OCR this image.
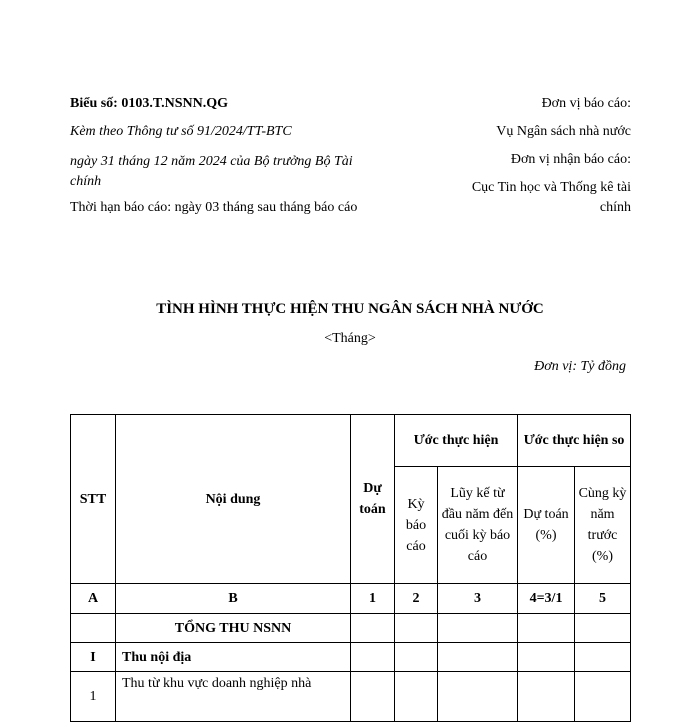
Biểu số: 0103.T.NSNN.QG
Kèm theo Thông tư số 91/2024/TT-BTC
ngày 31 tháng 12 năm 2024 của Bộ trưởng Bộ Tài chính
Thời hạn báo cáo: ngày 03 tháng sau tháng báo cáo
Đơn vị báo cáo:
Vụ Ngân sách nhà nước
Đơn vị nhận báo cáo:
Cục Tin học và Thống kê tài chính
TÌNH HÌNH THỰC HIỆN THU NGÂN SÁCH NHÀ NƯỚC
<Tháng>
Đơn vị: Tỷ đồng
STT	Nội dung	Dự toán	Ước thực hiện		Ước thực hiện so	
			Kỳ báo cáo	Lũy kế từ đầu năm đến cuối kỳ báo cáo	Dự toán (%)	Cùng kỳ năm trước (%)
A	B	1	2	3	4=3/1	5
	TỔNG THU NSNN					
I	Thu nội địa					
1	Thu từ khu vực doanh nghiệp nhà					
